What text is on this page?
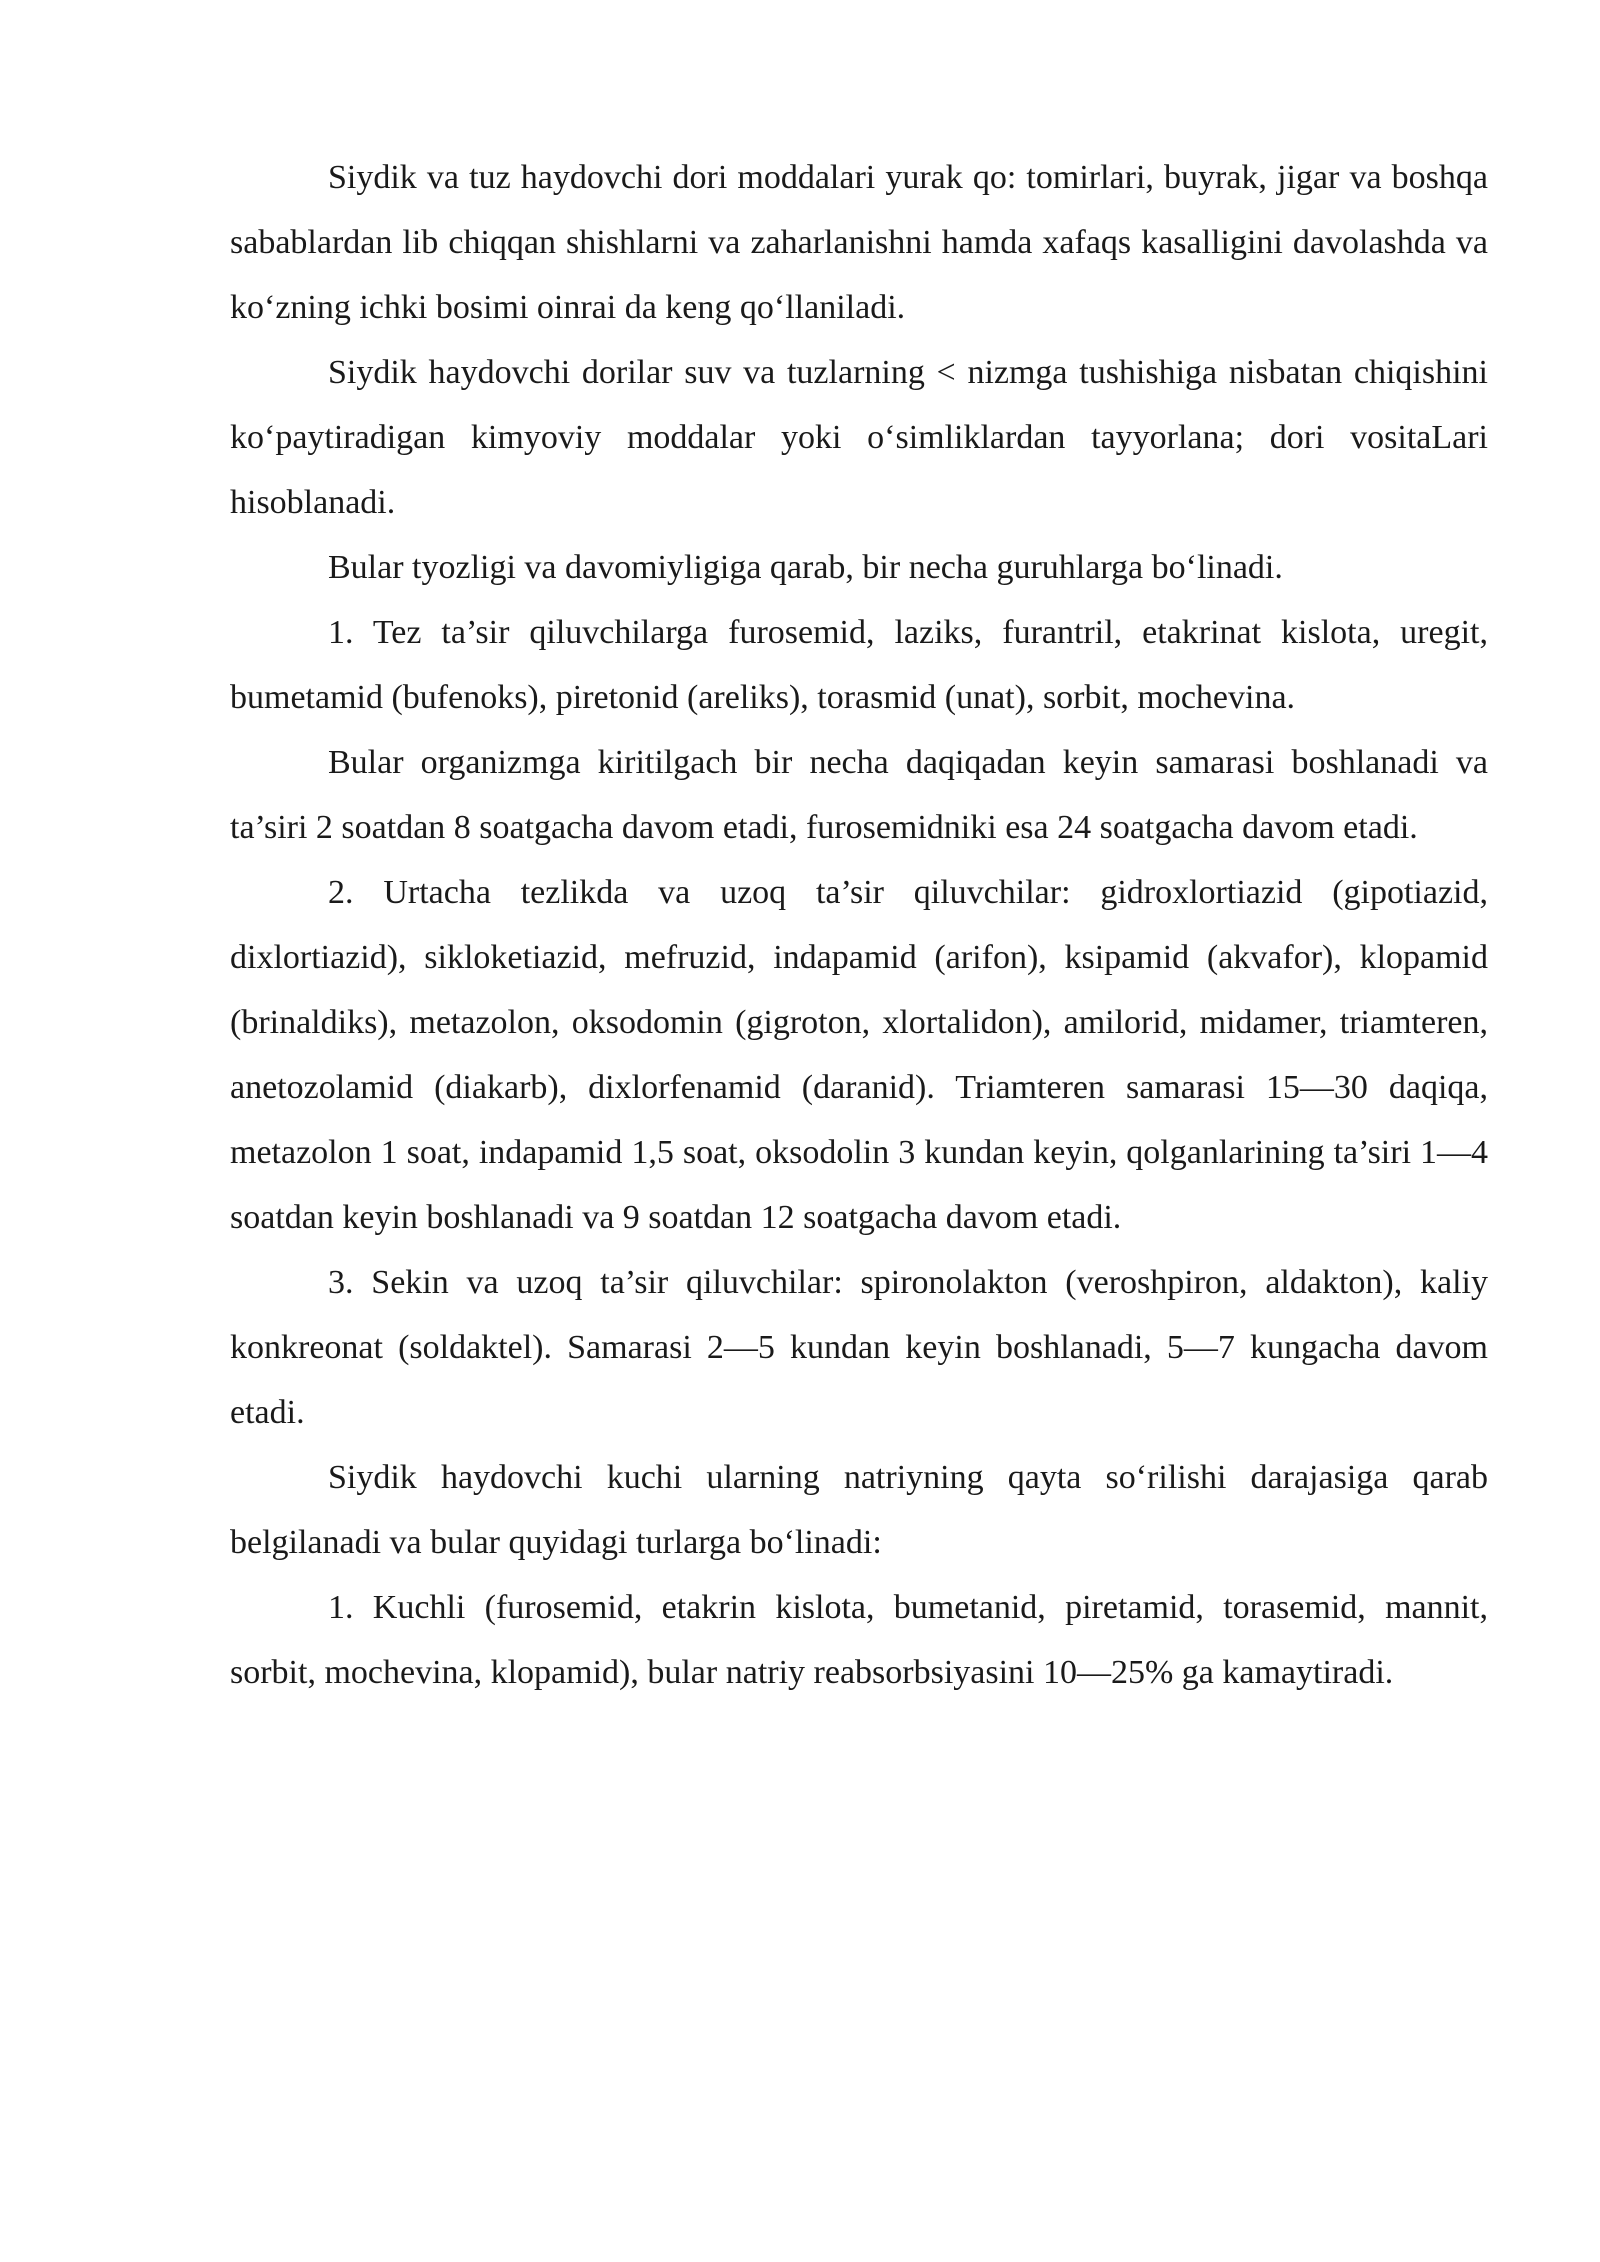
Siydik va tuz haydovchi dori moddalari yurak qo: tomirlari, buyrak, jigar va boshqa sabablardan lib chiqqan shishlarni va zaharlanishni hamda xafaqs kasalligini davolashda va koʻzning ichki bosimi oinrai da keng qoʻllaniladi.

Siydik haydovchi dorilar suv va tuzlarning < nizmga tushishiga nisbatan chiqishini koʻpaytiradigan kimyoviy moddalar yoki oʻsimliklardan tayyorlana; dori vositaLari hisoblanadi.

Bular tyozligi va davomiyligiga qarab, bir necha guruhlarga boʻlinadi.

1. Tez ta’sir qiluvchilarga furosemid, laziks, furantril, etakrinat kislota, uregit, bumetamid (bufenoks), piretonid (areliks), torasmid (unat), sorbit, mochevina.

Bular organizmga kiritilgach bir necha daqiqadan keyin samarasi boshlanadi va ta’siri 2 soatdan 8 soatgacha davom etadi, furosemidniki esa 24 soatgacha davom etadi.

2. Urtacha tezlikda va uzoq ta’sir qiluvchilar: gidroxlortiazid (gipotiazid, dixlortiazid), sikloketiazid, mefruzid, indapamid (arifon), ksipamid (akvafor), klopamid (brinaldiks), metazolon, oksodomin (gigroton, xlortalidon), amilorid, midamer, triamteren, anetozolamid (diakarb), dixlorfenamid (daranid). Triamteren samarasi 15—30 daqiqa, metazolon 1 soat, indapamid 1,5 soat, oksodolin 3 kundan keyin, qolganlarining ta’siri 1—4 soatdan keyin boshlanadi va 9 soatdan 12 soatgacha davom etadi.

3. Sekin va uzoq ta’sir qiluvchilar: spironolakton (veroshpiron, aldakton), kaliy konkreonat (soldaktel). Samarasi 2—5 kundan keyin boshlanadi, 5—7 kungacha davom etadi.

Siydik haydovchi kuchi ularning natriyning qayta soʻrilishi darajasiga qarab belgilanadi va bular quyidagi turlarga boʻlinadi:

1. Kuchli (furosemid, etakrin kislota, bumetanid, piretamid, torasemid, mannit, sorbit, mochevina, klopamid), bular natriy reabsorbsiyasini 10—25% ga kamaytiradi.
